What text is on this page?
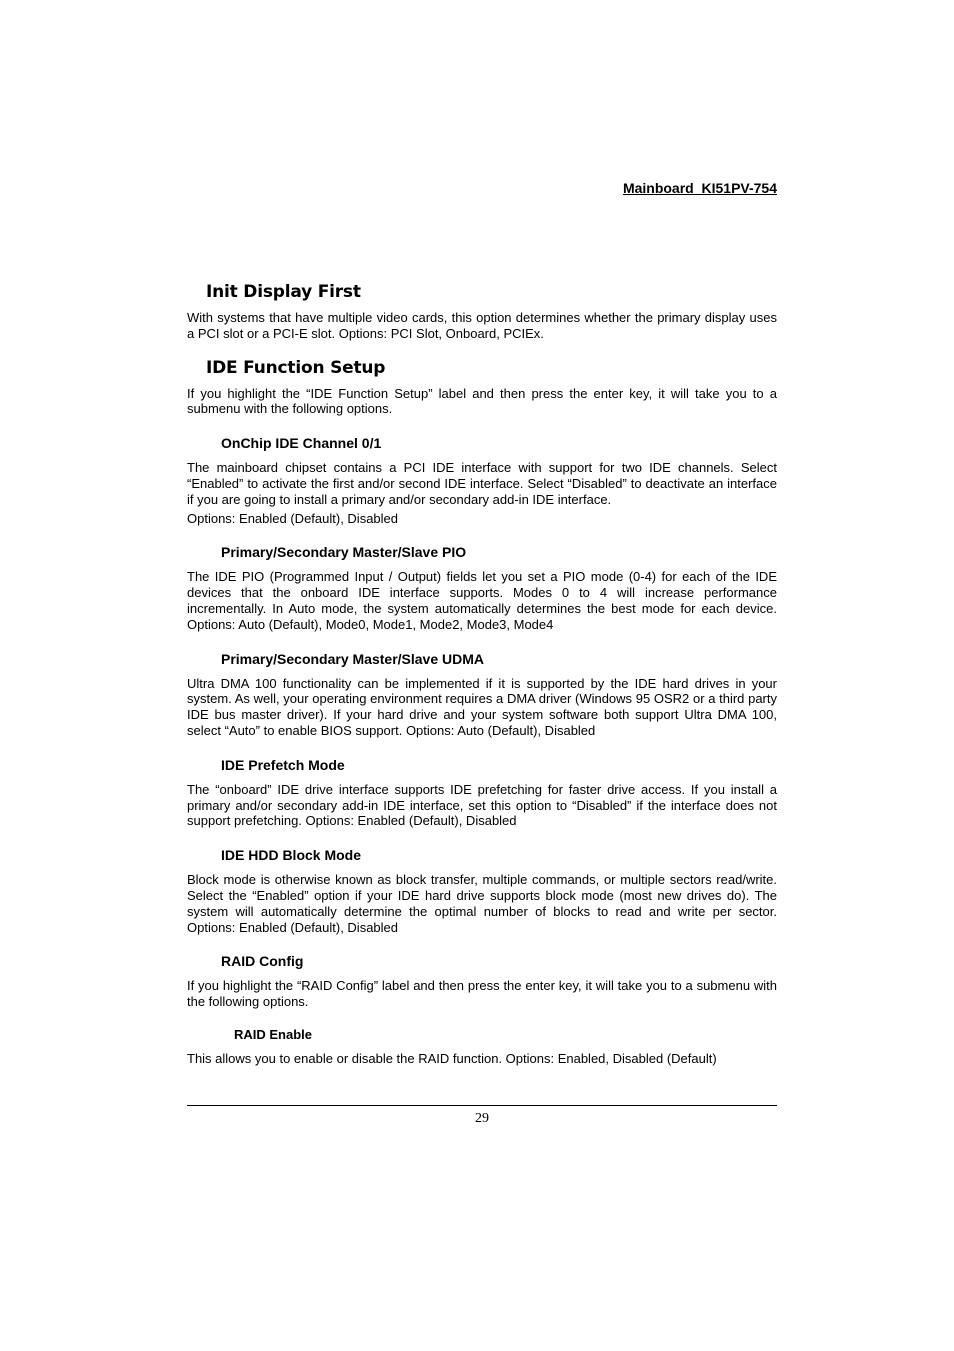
Mainboard  KI51PV-754
Init Display First

With systems that have multiple video cards, this option determines whether the primary display uses a PCI slot or a PCI-E slot. Options: PCI Slot, Onboard, PCIEx.

IDE Function Setup

If you highlight the “IDE Function Setup” label and then press the enter key, it will take you to a submenu with the following options.

OnChip IDE Channel 0/1

The mainboard chipset contains a PCI IDE interface with support for two IDE channels. Select “Enabled” to activate the first and/or second IDE interface. Select “Disabled” to deactivate an interface if you are going to install a primary and/or secondary add-in IDE interface.

Options: Enabled (Default), Disabled

Primary/Secondary Master/Slave PIO

The IDE PIO (Programmed Input / Output) fields let you set a PIO mode (0-4) for each of the IDE devices that the onboard IDE interface supports. Modes 0 to 4 will increase performance incrementally. In Auto mode, the system automatically determines the best mode for each device. Options: Auto (Default), Mode0, Mode1, Mode2, Mode3, Mode4

Primary/Secondary Master/Slave UDMA

Ultra DMA 100 functionality can be implemented if it is supported by the IDE hard drives in your system. As well, your operating environment requires a DMA driver (Windows 95 OSR2 or a third party IDE bus master driver). If your hard drive and your system software both support Ultra DMA 100, select “Auto” to enable BIOS support. Options: Auto (Default), Disabled

IDE Prefetch Mode

The “onboard” IDE drive interface supports IDE prefetching for faster drive access. If you install a primary and/or secondary add-in IDE interface, set this option to “Disabled” if the interface does not support prefetching. Options: Enabled (Default), Disabled

IDE HDD Block Mode

Block mode is otherwise known as block transfer, multiple commands, or multiple sectors read/write. Select the “Enabled” option if your IDE hard drive supports block mode (most new drives do). The system will automatically determine the optimal number of blocks to read and write per sector. Options: Enabled (Default), Disabled

RAID Config

If you highlight the “RAID Config” label and then press the enter key, it will take you to a submenu with the following options.

RAID Enable

This allows you to enable or disable the RAID function. Options: Enabled, Disabled (Default)

29
